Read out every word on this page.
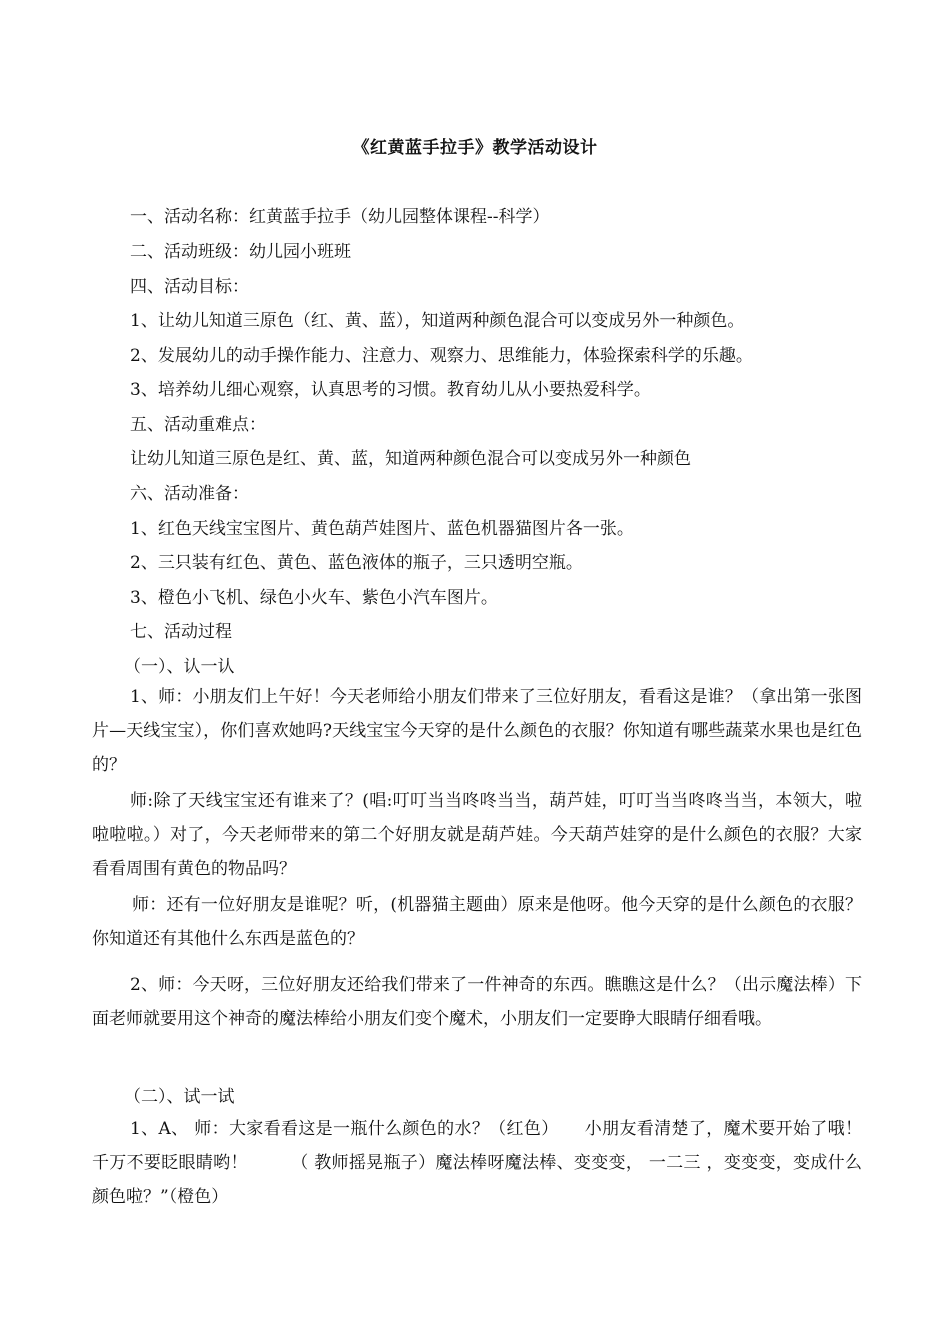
《红黄蓝手拉手》教学活动设计
一、活动名称：红黄蓝手拉手（幼儿园整体课程--科学）
二、活动班级：幼儿园小班班
四、活动目标：
1、让幼儿知道三原色（红、黄、蓝），知道两种颜色混合可以变成另外一种颜色。
2、发展幼儿的动手操作能力、注意力、观察力、思维能力，体验探索科学的乐趣。
3、培养幼儿细心观察，认真思考的习惯。教育幼儿从小要热爱科学。
五、活动重难点：
让幼儿知道三原色是红、黄、蓝，知道两种颜色混合可以变成另外一种颜色
六、活动准备：
1、红色天线宝宝图片、黄色葫芦娃图片、蓝色机器猫图片各一张。
2、三只装有红色、黄色、蓝色液体的瓶子，三只透明空瓶。
3、橙色小飞机、绿色小火车、紫色小汽车图片。
七、活动过程
（一）、认一认
1、师：小朋友们上午好！今天老师给小朋友们带来了三位好朋友，看看这是谁？（拿出第一张图片—天线宝宝），你们喜欢她吗?天线宝宝今天穿的是什么颜色的衣服？你知道有哪些蔬菜水果也是红色的？
师:除了天线宝宝还有谁来了？(唱:叮叮当当咚咚当当，葫芦娃，叮叮当当咚咚当当，本领大，啦啦啦啦。）对了，今天老师带来的第二个好朋友就是葫芦娃。今天葫芦娃穿的是什么颜色的衣服？大家看看周围有黄色的物品吗？
师：还有一位好朋友是谁呢？听，(机器猫主题曲）原来是他呀。他今天穿的是什么颜色的衣服？你知道还有其他什么东西是蓝色的？
2、师：今天呀，三位好朋友还给我们带来了一件神奇的东西。瞧瞧这是什么？（出示魔法棒）下面老师就要用这个神奇的魔法棒给小朋友们变个魔术，小朋友们一定要睁大眼睛仔细看哦。
（二）、试一试
1、A、 师：大家看看这是一瓶什么颜色的水？（红色）　　小朋友看清楚了，魔术要开始了哦！千万不要眨眼睛哟！　　　（ 教师摇晃瓶子）魔法棒呀魔法棒、变变变， 一二三 ，变变变，变成什么颜色啦？”（橙色）
